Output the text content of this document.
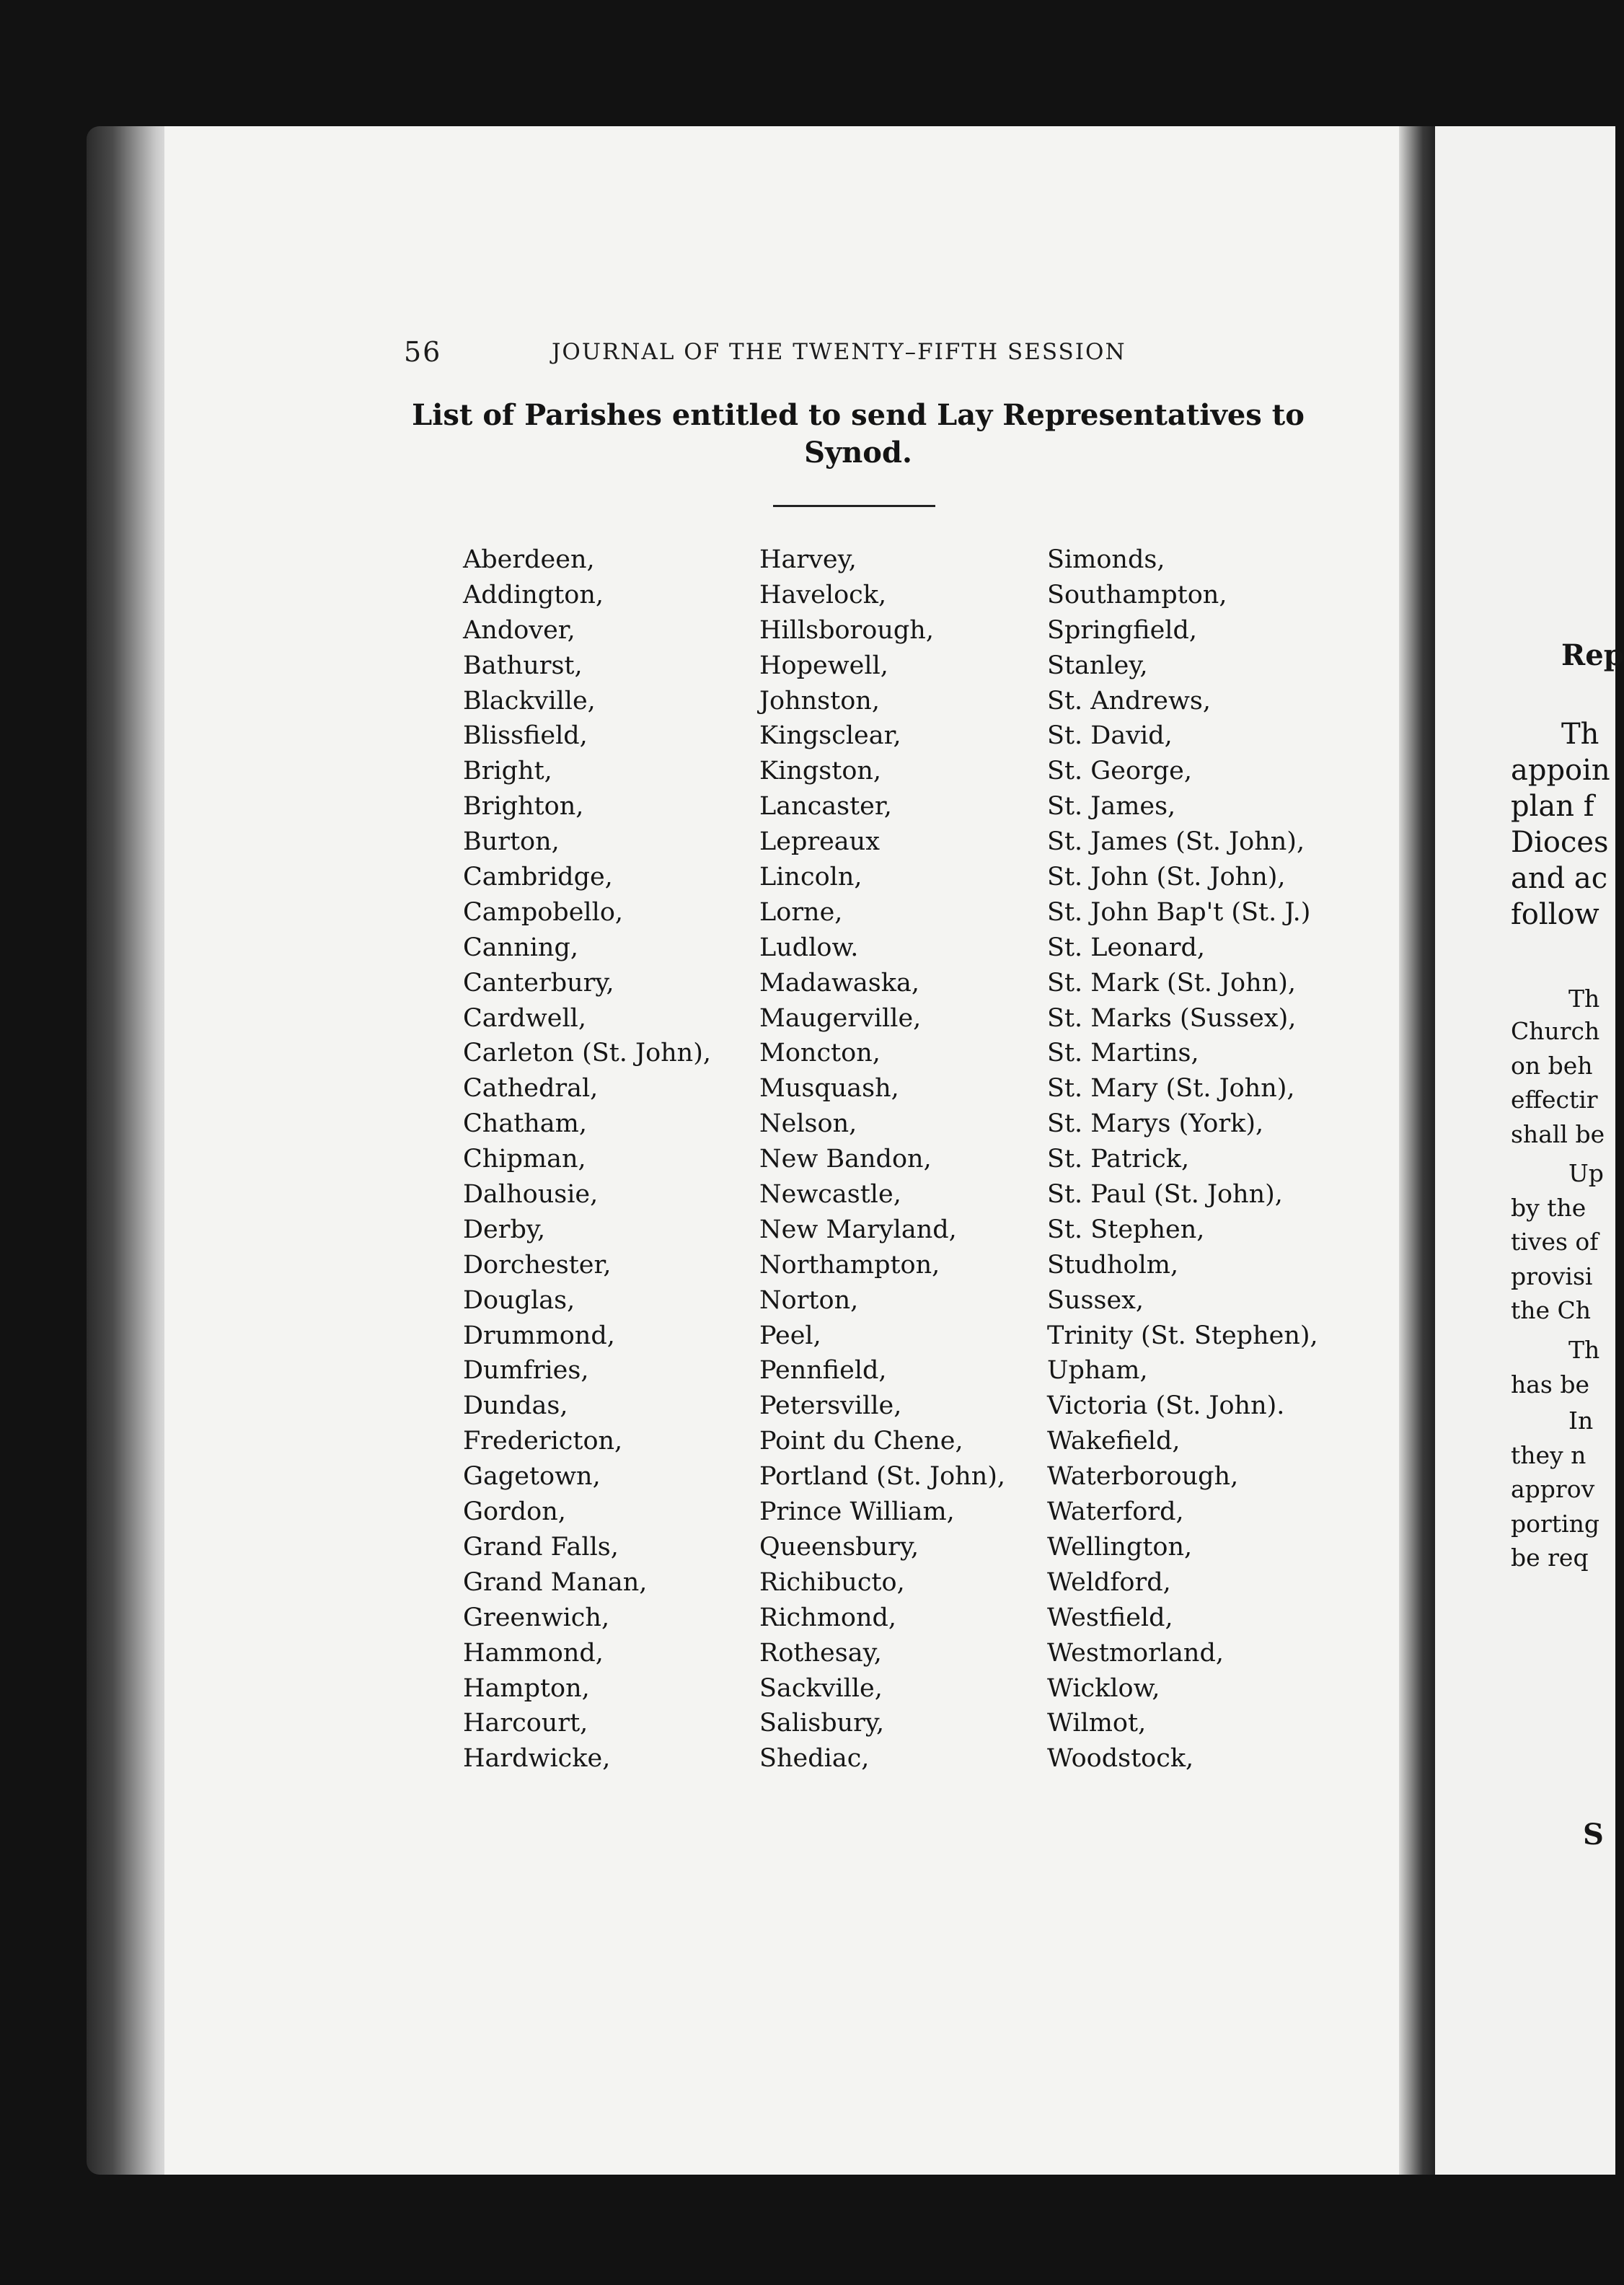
56	JOURNAL OF THE TWENTY–FIFTH SESSION
List of Parishes entitled to send Lay Representatives to Synod.
Aberdeen,
Addington,
Andover,
Bathurst,
Blackville,
Blissfield,
Bright,
Brighton,
Burton,
Cambridge,
Campobello,
Canning,
Canterbury,
Cardwell,
Carleton (St. John),
Cathedral,
Chatham,
Chipman,
Dalhousie,
Derby,
Dorchester,
Douglas,
Drummond,
Dumfries,
Dundas,
Fredericton,
Gagetown,
Gordon,
Grand Falls,
Grand Manan,
Greenwich,
Hammond,
Hampton,
Harcourt,
Hardwicke,
Harvey,
Havelock,
Hillsborough,
Hopewell,
Johnston,
Kingsclear,
Kingston,
Lancaster,
Lepreaux
Lincoln,
Lorne,
Ludlow.
Madawaska,
Maugerville,
Moncton,
Musquash,
Nelson,
New Bandon,
Newcastle,
New Maryland,
Northampton,
Norton,
Peel,
Pennfield,
Petersville,
Point du Chene,
Portland (St. John),
Prince William,
Queensbury,
Richibucto,
Richmond,
Rothesay,
Sackville,
Salisbury,
Shediac,
Simonds,
Southampton,
Springfield,
Stanley,
St. Andrews,
St. David,
St. George,
St. James,
St. James (St. John),
St. John (St. John),
St. John Bap't (St. J.)
St. Leonard,
St. Mark (St. John),
St. Marks (Sussex),
St. Martins,
St. Mary (St. John),
St. Marys (York),
St. Patrick,
St. Paul (St. John),
St. Stephen,
Studholm,
Sussex,
Trinity (St. Stephen),
Upham,
Victoria (St. John).
Wakefield,
Waterborough,
Waterford,
Wellington,
Weldford,
Westfield,
Westmorland,
Wicklow,
Wilmot,
Woodstock,
Rep
Th
appoin
plan f
Dioces
and ac
follow
Th
Church
on beh
effectir
shall be
Up
by the
tives of
provisi
the Ch
Th
has be
In
they n
approv
porting
be req
S
